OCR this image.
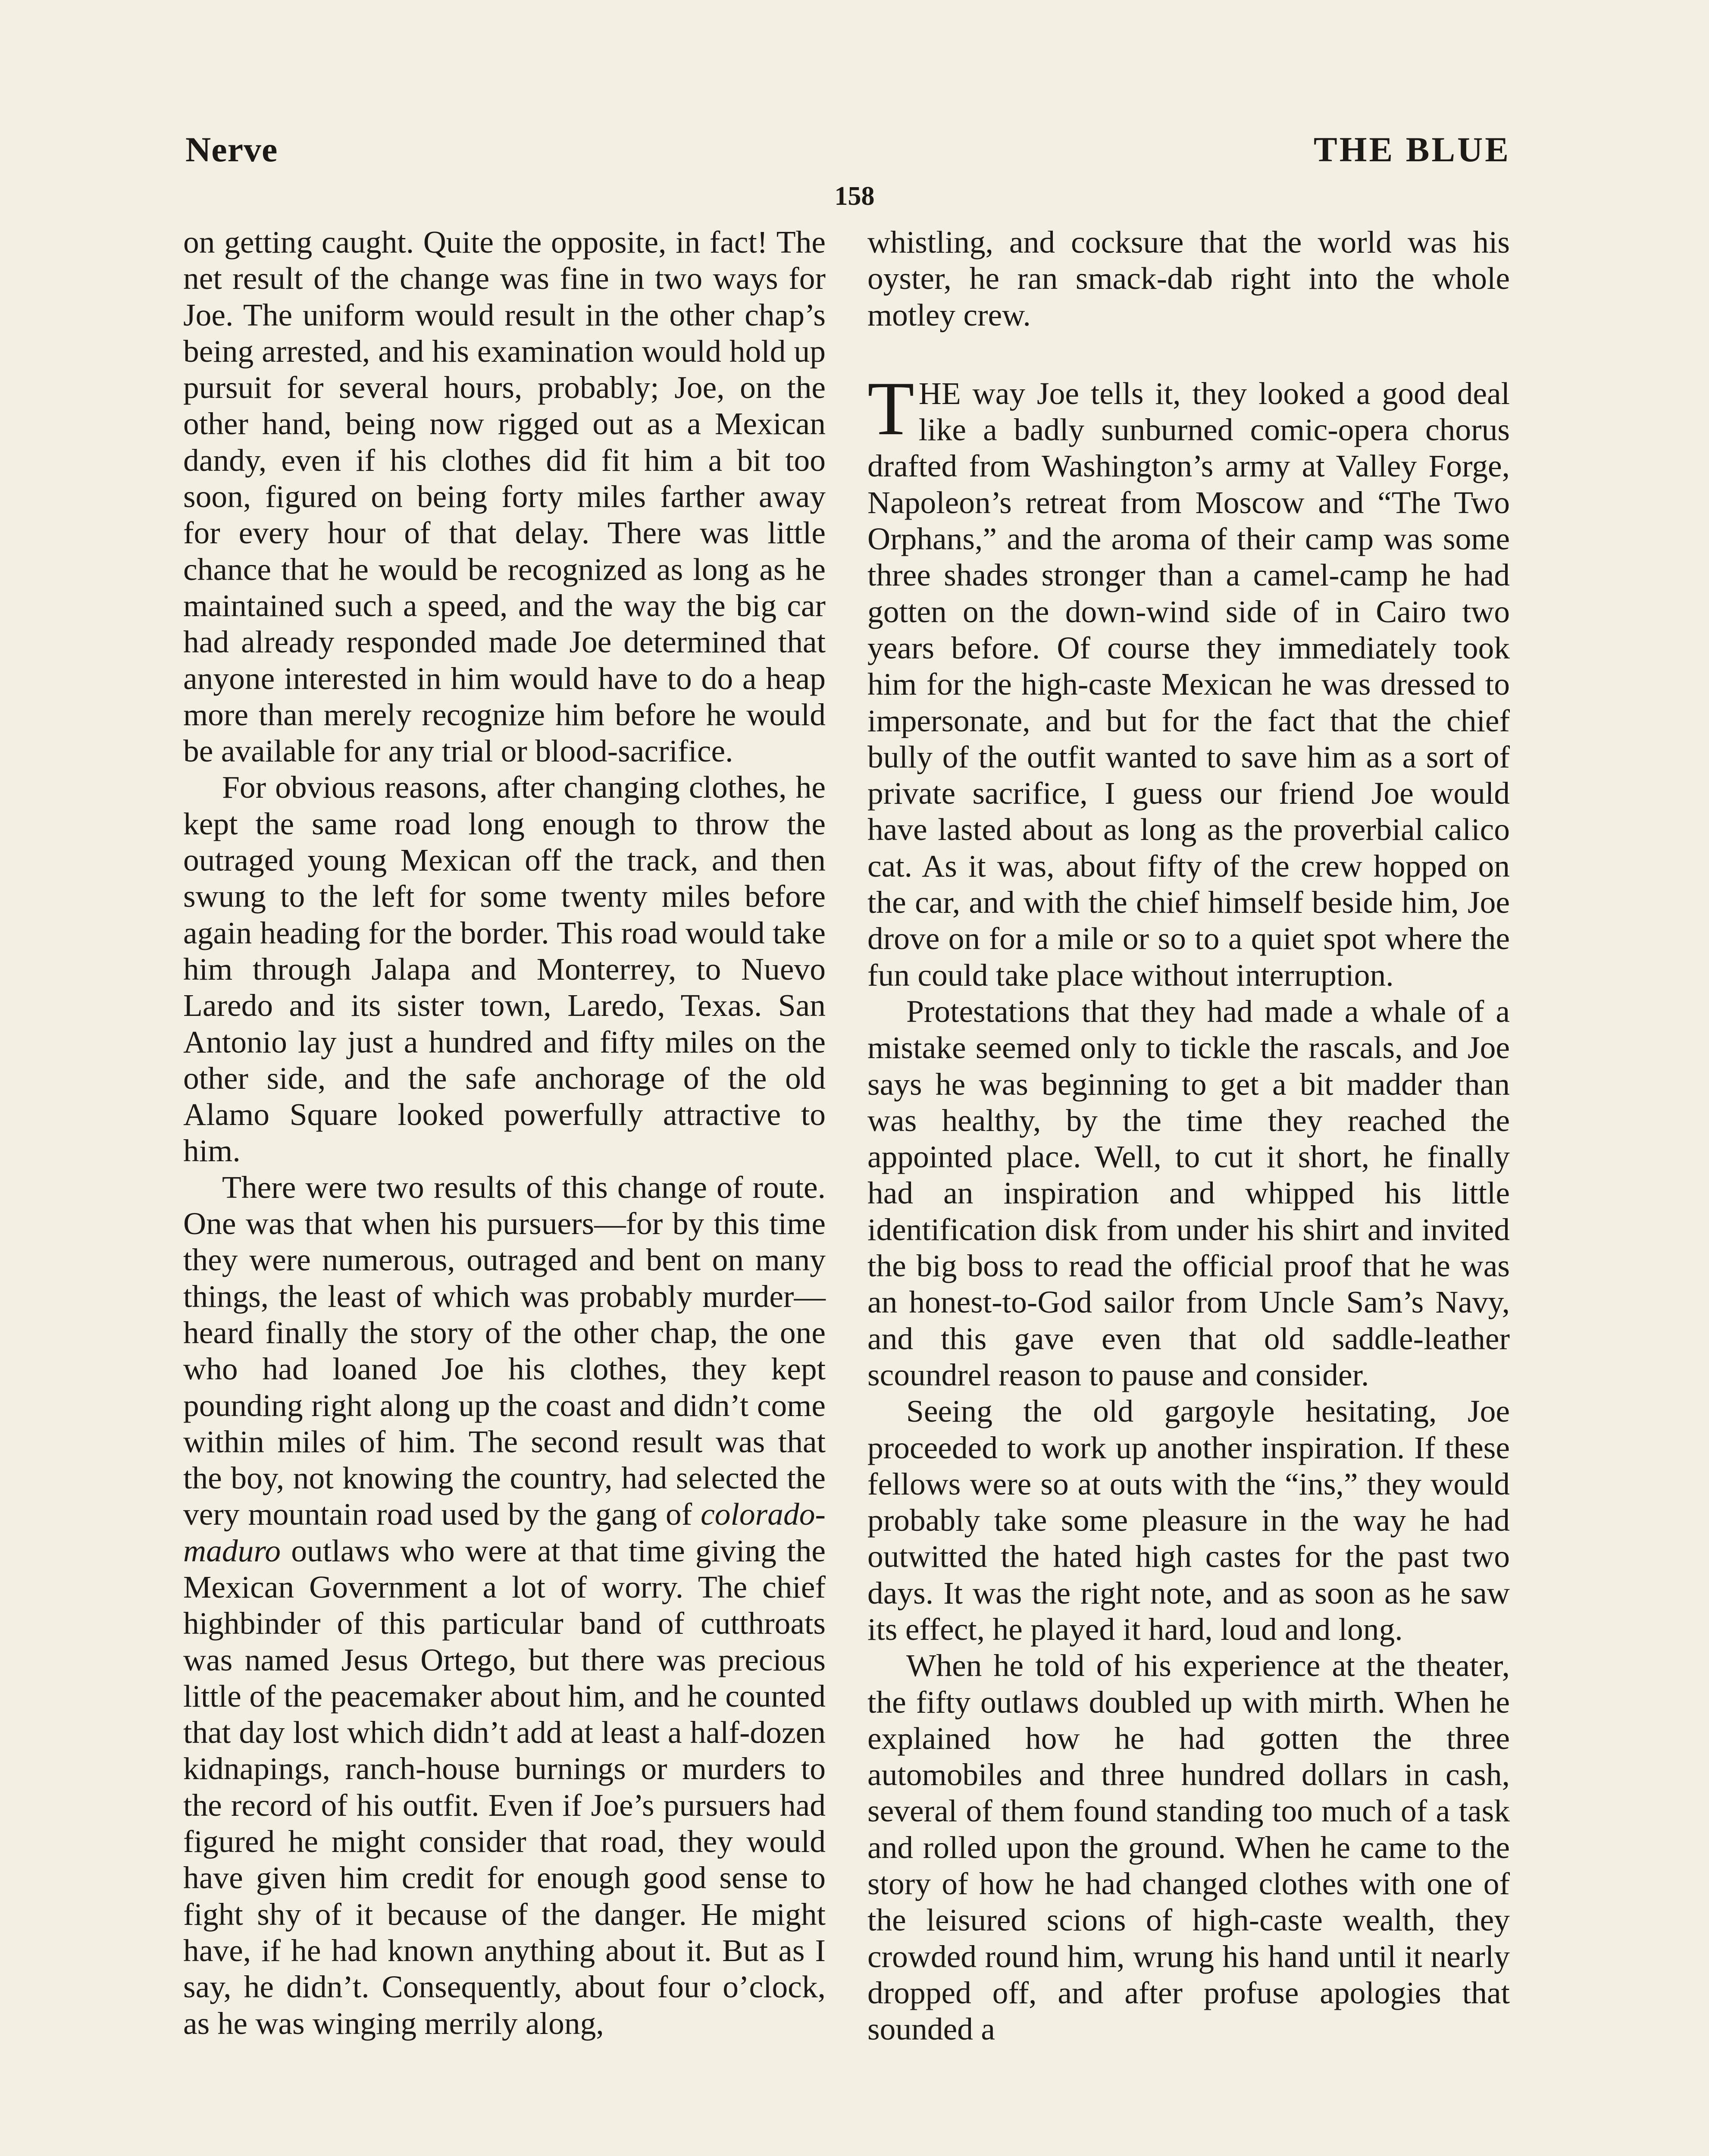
Nerve	THE BLUE
158

on getting caught. Quite the opposite, in fact! The net result of the change was fine in two ways for Joe. The uniform would result in the other chap’s being arrested, and his examination would hold up pursuit for several hours, probably; Joe, on the other hand, being now rigged out as a Mexican dandy, even if his clothes did fit him a bit too soon, figured on being forty miles farther away for every hour of that delay. There was little chance that he would be recognized as long as he maintained such a speed, and the way the big car had already responded made Joe determined that anyone interested in him would have to do a heap more than merely recognize him before he would be available for any trial or blood-sacrifice.

For obvious reasons, after changing clothes, he kept the same road long enough to throw the outraged young Mexican off the track, and then swung to the left for some twenty miles before again heading for the border. This road would take him through Jalapa and Monterrey, to Nuevo Laredo and its sister town, Laredo, Texas. San Antonio lay just a hundred and fifty miles on the other side, and the safe anchorage of the old Alamo Square looked powerfully attractive to him.

There were two results of this change of route. One was that when his pursuers—for by this time they were numerous, outraged and bent on many things, the least of which was probably murder—heard finally the story of the other chap, the one who had loaned Joe his clothes, they kept pounding right along up the coast and didn’t come within miles of him. The second result was that the boy, not knowing the country, had selected the very mountain road used by the gang of colorado-maduro outlaws who were at that time giving the Mexican Government a lot of worry. The chief highbinder of this particular band of cutthroats was named Jesus Ortego, but there was precious little of the peacemaker about him, and he counted that day lost which didn’t add at least a half-dozen kidnapings, ranch-house burnings or murders to the record of his outfit. Even if Joe’s pursuers had figured he might consider that road, they would have given him credit for enough good sense to fight shy of it because of the danger. He might have, if he had known anything about it. But as I say, he didn’t. Consequently, about four o’clock, as he was winging merrily along,

whistling, and cocksure that the world was his oyster, he ran smack-dab right into the whole motley crew.

THE way Joe tells it, they looked a good deal like a badly sunburned comic-opera chorus drafted from Washington’s army at Valley Forge, Napoleon’s retreat from Moscow and “The Two Orphans,” and the aroma of their camp was some three shades stronger than a camel-camp he had gotten on the down-wind side of in Cairo two years before. Of course they immediately took him for the high-caste Mexican he was dressed to impersonate, and but for the fact that the chief bully of the outfit wanted to save him as a sort of private sacrifice, I guess our friend Joe would have lasted about as long as the proverbial calico cat. As it was, about fifty of the crew hopped on the car, and with the chief himself beside him, Joe drove on for a mile or so to a quiet spot where the fun could take place without interruption.

Protestations that they had made a whale of a mistake seemed only to tickle the rascals, and Joe says he was beginning to get a bit madder than was healthy, by the time they reached the appointed place. Well, to cut it short, he finally had an inspiration and whipped his little identification disk from under his shirt and invited the big boss to read the official proof that he was an honest-to-God sailor from Uncle Sam’s Navy, and this gave even that old saddle-leather scoundrel reason to pause and consider.

Seeing the old gargoyle hesitating, Joe proceeded to work up another inspiration. If these fellows were so at outs with the “ins,” they would probably take some pleasure in the way he had outwitted the hated high castes for the past two days. It was the right note, and as soon as he saw its effect, he played it hard, loud and long.

When he told of his experience at the theater, the fifty outlaws doubled up with mirth. When he explained how he had gotten the three automobiles and three hundred dollars in cash, several of them found standing too much of a task and rolled upon the ground. When he came to the story of how he had changed clothes with one of the leisured scions of high-caste wealth, they crowded round him, wrung his hand until it nearly dropped off, and after profuse apologies that sounded a
